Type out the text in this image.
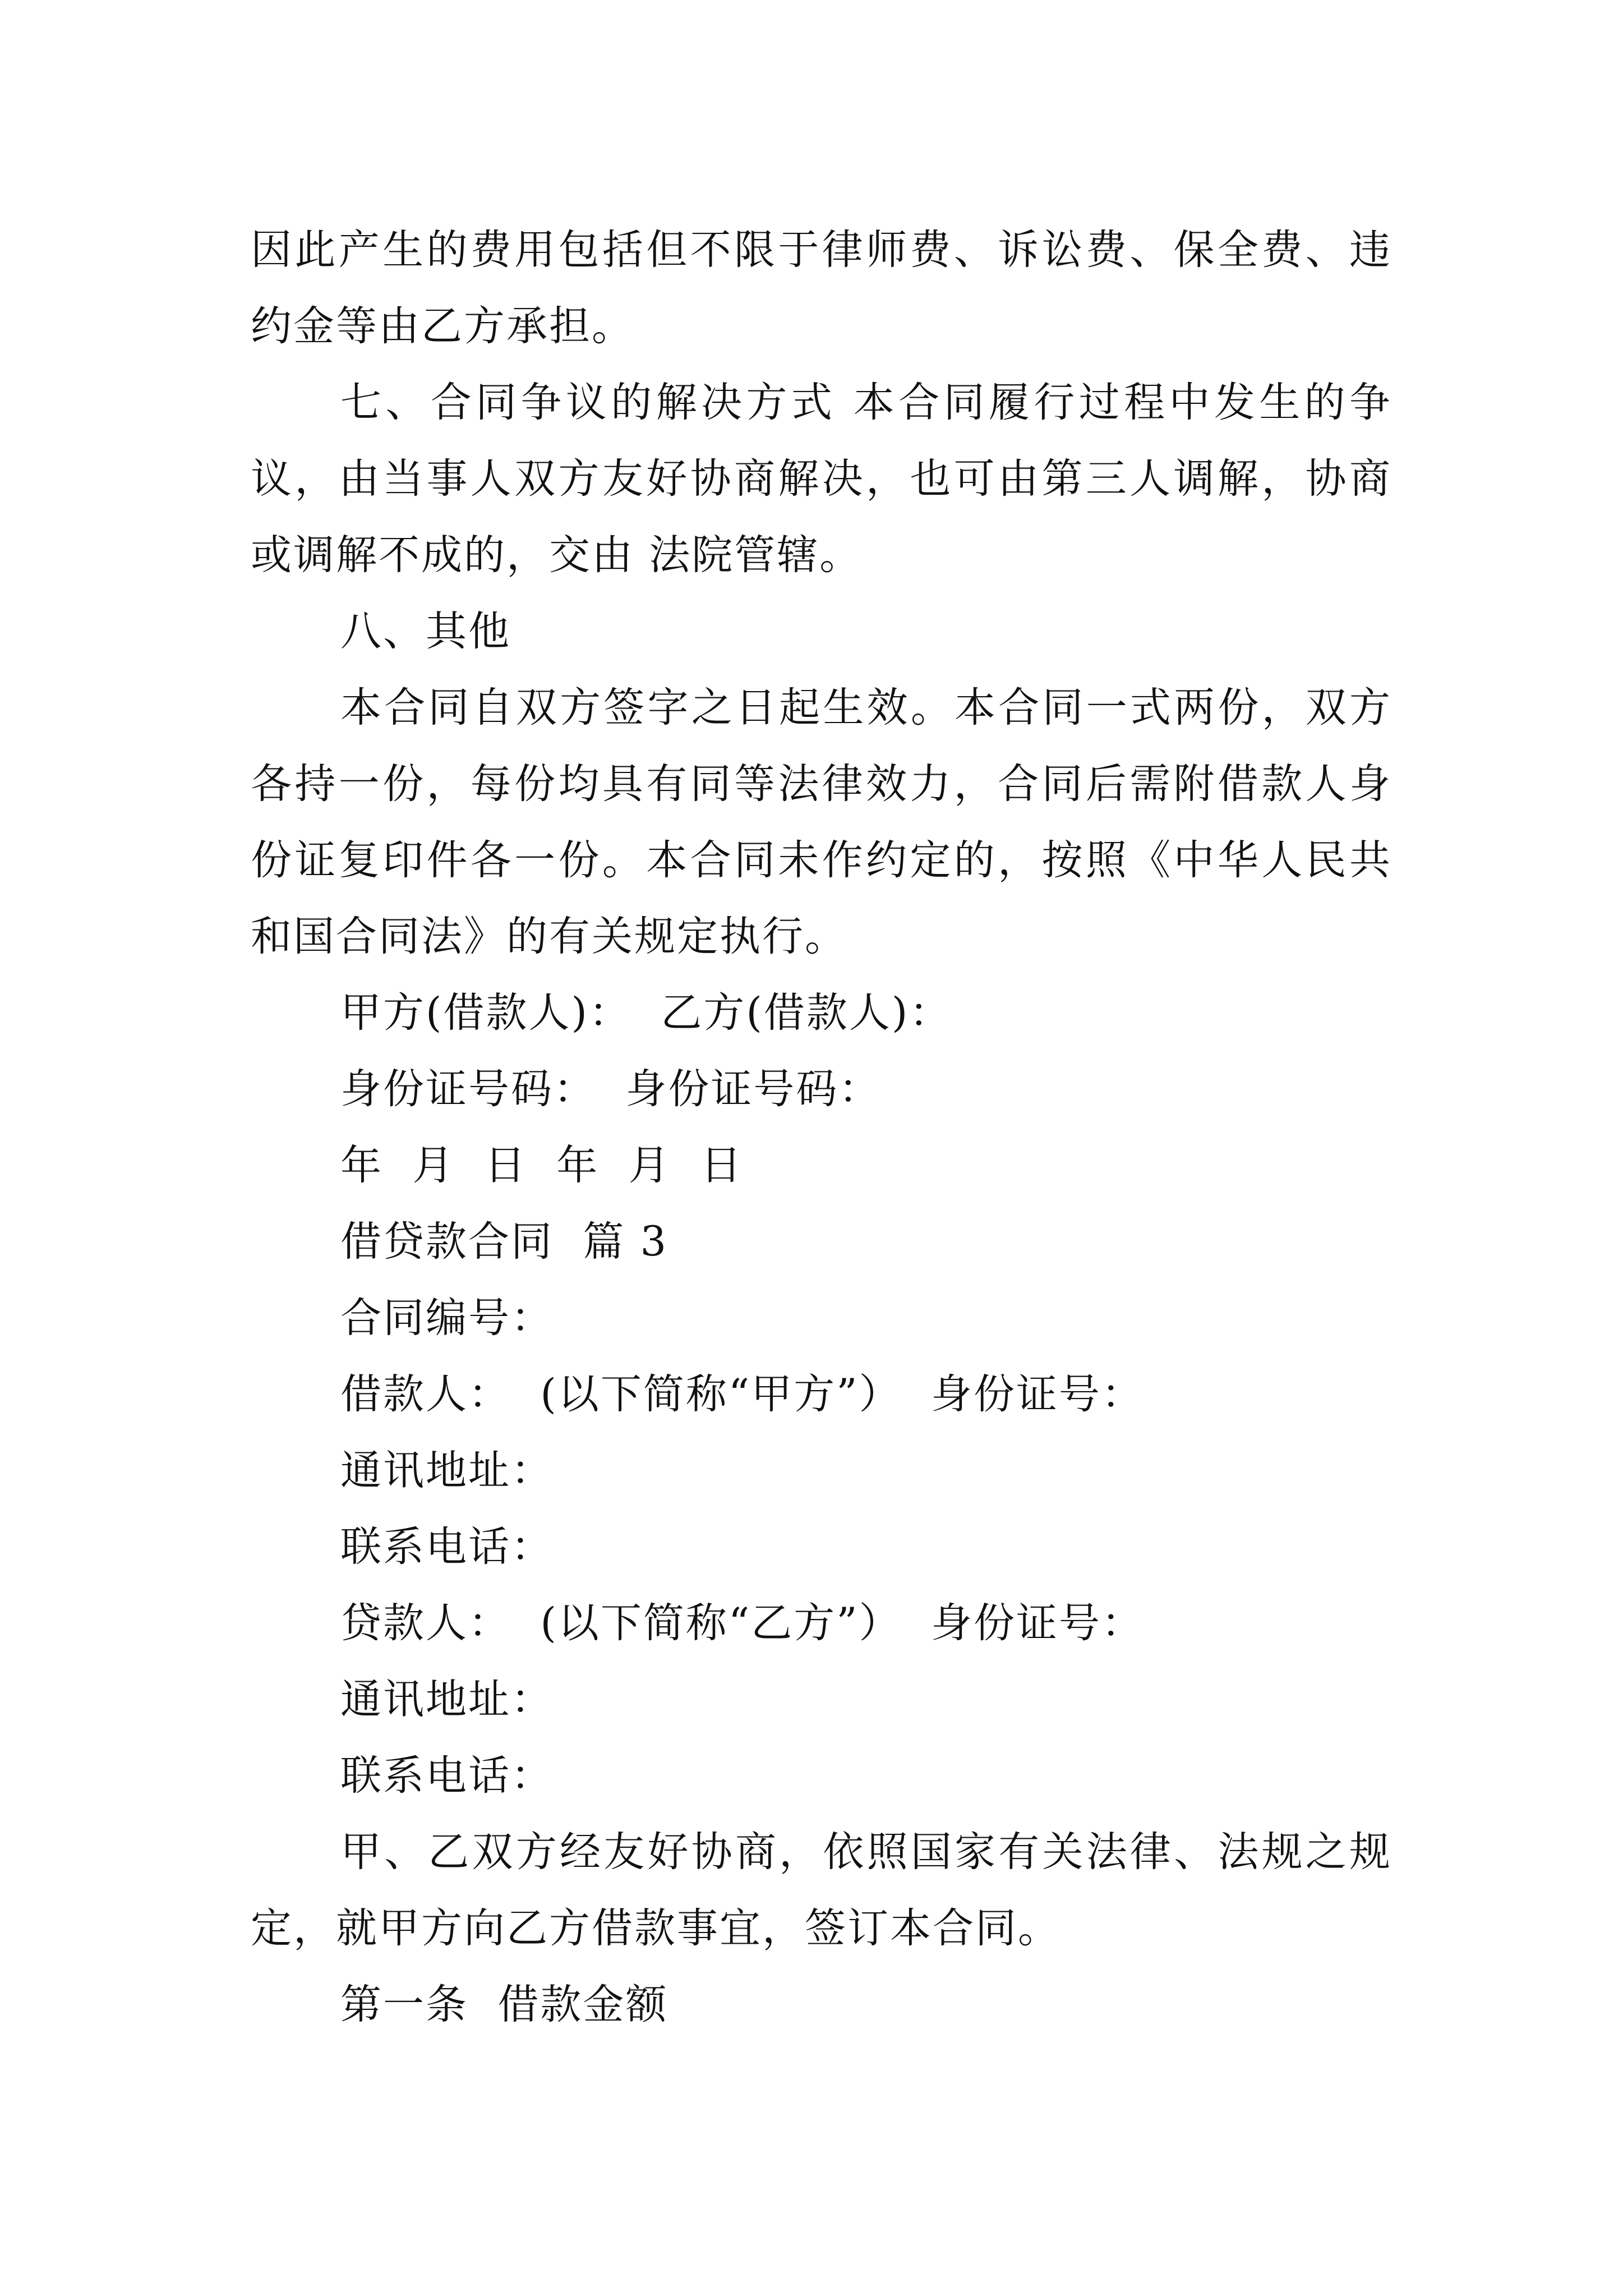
因此产生的费用包括但不限于律师费、诉讼费、保全费、违约金等由乙方承担。

七、合同争议的解决方式 本合同履行过程中发生的争议，由当事人双方友好协商解决，也可由第三人调解，协商或调解不成的，交由 法院管辖。

八、其他

本合同自双方签字之日起生效。本合同一式两份，双方各持一份，每份均具有同等法律效力，合同后需附借款人身份证复印件各一份。本合同未作约定的，按照《中华人民共和国合同法》的有关规定执行。

甲方(借款人)：  乙方(借款人)：

身份证号码：  身份证号码：

年  月  日  年  月  日

借贷款合同  篇 3

合同编号：

借款人：  (以下简称“甲方”）  身份证号：

通讯地址：

联系电话：

贷款人：  (以下简称“乙方”）  身份证号：

通讯地址：

联系电话：

甲、乙双方经友好协商，依照国家有关法律、法规之规定，就甲方向乙方借款事宜，签订本合同。

第一条  借款金额
